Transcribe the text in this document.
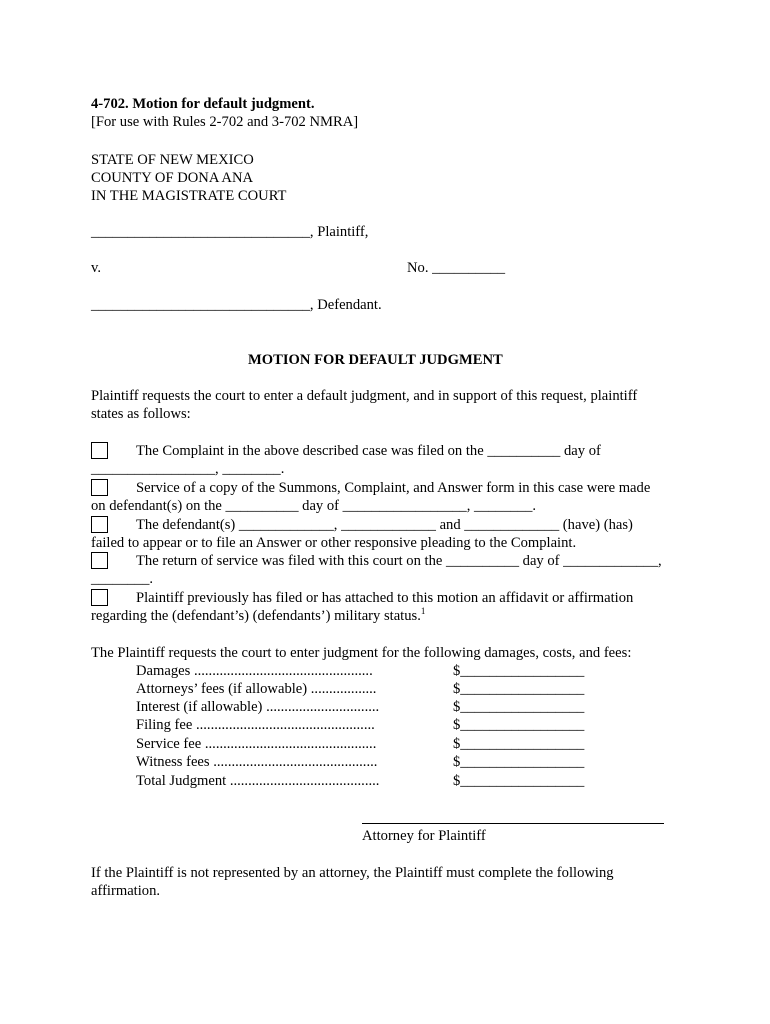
4-702. Motion for default judgment.
[For use with Rules 2-702 and 3-702 NMRA]
STATE OF NEW MEXICO
COUNTY OF DONA ANA
IN THE MAGISTRATE COURT
______________________________, Plaintiff,
v.	No. __________
______________________________, Defendant.
MOTION FOR DEFAULT JUDGMENT
Plaintiff requests the court to enter a default judgment, and in support of this request, plaintiff
states as follows:
The Complaint in the above described case was filed on the __________ day of
_________________, ________.
Service of a copy of the Summons, Complaint, and Answer form in this case were made
on defendant(s) on the __________ day of _________________, ________.
The defendant(s) _____________, _____________ and _____________ (have) (has)
failed to appear or to file an Answer or other responsive pleading to the Complaint.
The return of service was filed with this court on the __________ day of _____________,
________.
Plaintiff previously has filed or has attached to this motion an affidavit or affirmation
regarding the (defendant’s) (defendants’) military status.$^1$
The Plaintiff requests the court to enter judgment for the following damages, costs, and fees:
Damages .................................................	$_________________
Attorneys’ fees (if allowable) ..................	$_________________
Interest (if allowable) ...............................	$_________________
Filing fee .................................................	$_________________
Service fee ...............................................	$_________________
Witness fees .............................................	$_________________
Total Judgment .........................................	$_________________
Attorney for Plaintiff
If the Plaintiff is not represented by an attorney, the Plaintiff must complete the following
affirmation.
